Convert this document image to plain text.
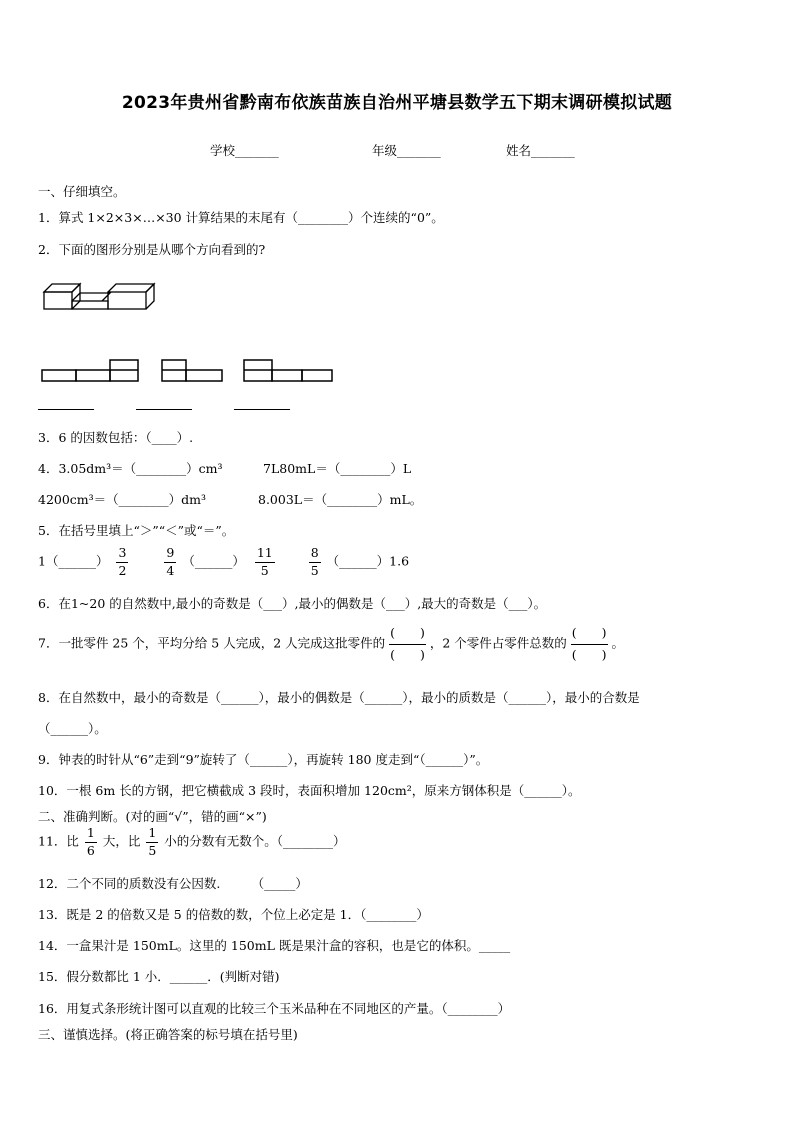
2023年贵州省黔南布依族苗族自治州平塘县数学五下期末调研模拟试题
学校_______	年级_______	姓名_______
一、仔细填空。
1．算式 1×2×3×…×30 计算结果的末尾有（________）个连续的“0”。
2．下面的图形分别是从哪个方向看到的?
3．6 的因数包括：（____）.
4．3.05dm³＝（________）cm³	7L80mL＝（________）L
4200cm³＝（________）dm³	8.003L＝（________）mL。
5．在括号里填上“＞”“＜”或“＝”。
1（______） $\frac{3}{2}$
	$\frac{9}{4}$ （______） $\frac{11}{5}$
	$\frac{8}{5}$ （______）1.6
6．在1~20 的自然数中,最小的奇数是（___）,最小的偶数是（___）,最大的奇数是（___）。
7．一批零件 25 个，平均分给 5 人完成，2 人完成这批零件的 $\frac{( )}{( )}$ ，2 个零件占零件总数的 $\frac{( )}{( )}$ 。
8．在自然数中，最小的奇数是（______），最小的偶数是（______），最小的质数是（______），最小的合数是
（______）。
9．钟表的时针从“6”走到“9”旋转了（______），再旋转 180 度走到“（______）”。
10．一根 6m 长的方钢，把它横截成 3 段时，表面积增加 120cm²，原来方钢体积是（______）。
二、准确判断。(对的画“√”，错的画“×”)
11．比 $\frac{1}{6}$ 大，比 $\frac{1}{5}$ 小的分数有无数个。（________）
12．二个不同的质数没有公因数.　　　（_____）
13．既是 2 的倍数又是 5 的倍数的数，个位上必定是 1．（________）
14．一盒果汁是 150mL。这里的 150mL 既是果汁盒的容积，也是它的体积。_____
15．假分数都比 1 小．______．(判断对错)
16．用复式条形统计图可以直观的比较三个玉米品种在不同地区的产量。（________）
三、谨慎选择。(将正确答案的标号填在括号里)
